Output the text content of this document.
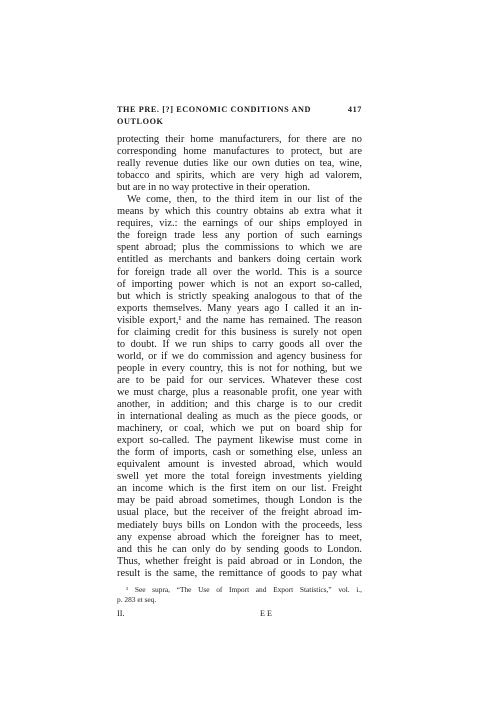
THE PRE. [?] ECONOMIC CONDITIONS AND OUTLOOK
417
protecting their home manufacturers, for there are no
corresponding home manufactures to protect, but are
really revenue duties like our own duties on tea, wine,
tobacco and spirits, which are very high ad valorem,
but are in no way protective in their operation.
We come, then, to the third item in our list of the
means by which this country obtains ab extra what it
requires, viz.: the earnings of our ships employed in
the foreign trade less any portion of such earnings
spent abroad; plus the commissions to which we are
entitled as merchants and bankers doing certain work
for foreign trade all over the world. This is a source
of importing power which is not an export so-called,
but which is strictly speaking analogous to that of the
exports themselves. Many years ago I called it an in-
visible export,¹ and the name has remained. The reason
for claiming credit for this business is surely not open
to doubt. If we run ships to carry goods all over the
world, or if we do commission and agency business for
people in every country, this is not for nothing, but we
are to be paid for our services. Whatever these cost
we must charge, plus a reasonable profit, one year with
another, in addition; and this charge is to our credit
in international dealing as much as the piece goods, or
machinery, or coal, which we put on board ship for
export so-called. The payment likewise must come in
the form of imports, cash or something else, unless an
equivalent amount is invested abroad, which would
swell yet more the total foreign investments yielding
an income which is the first item on our list. Freight
may be paid abroad sometimes, though London is the
usual place, but the receiver of the freight abroad im-
mediately buys bills on London with the proceeds, less
any expense abroad which the foreigner has to meet,
and this he can only do by sending goods to London.
Thus, whether freight is paid abroad or in London, the
result is the same, the remittance of goods to pay what
¹ See supra, “The Use of Import and Export Statistics,” vol. i.,
p. 283 et seq.
II.	E E
